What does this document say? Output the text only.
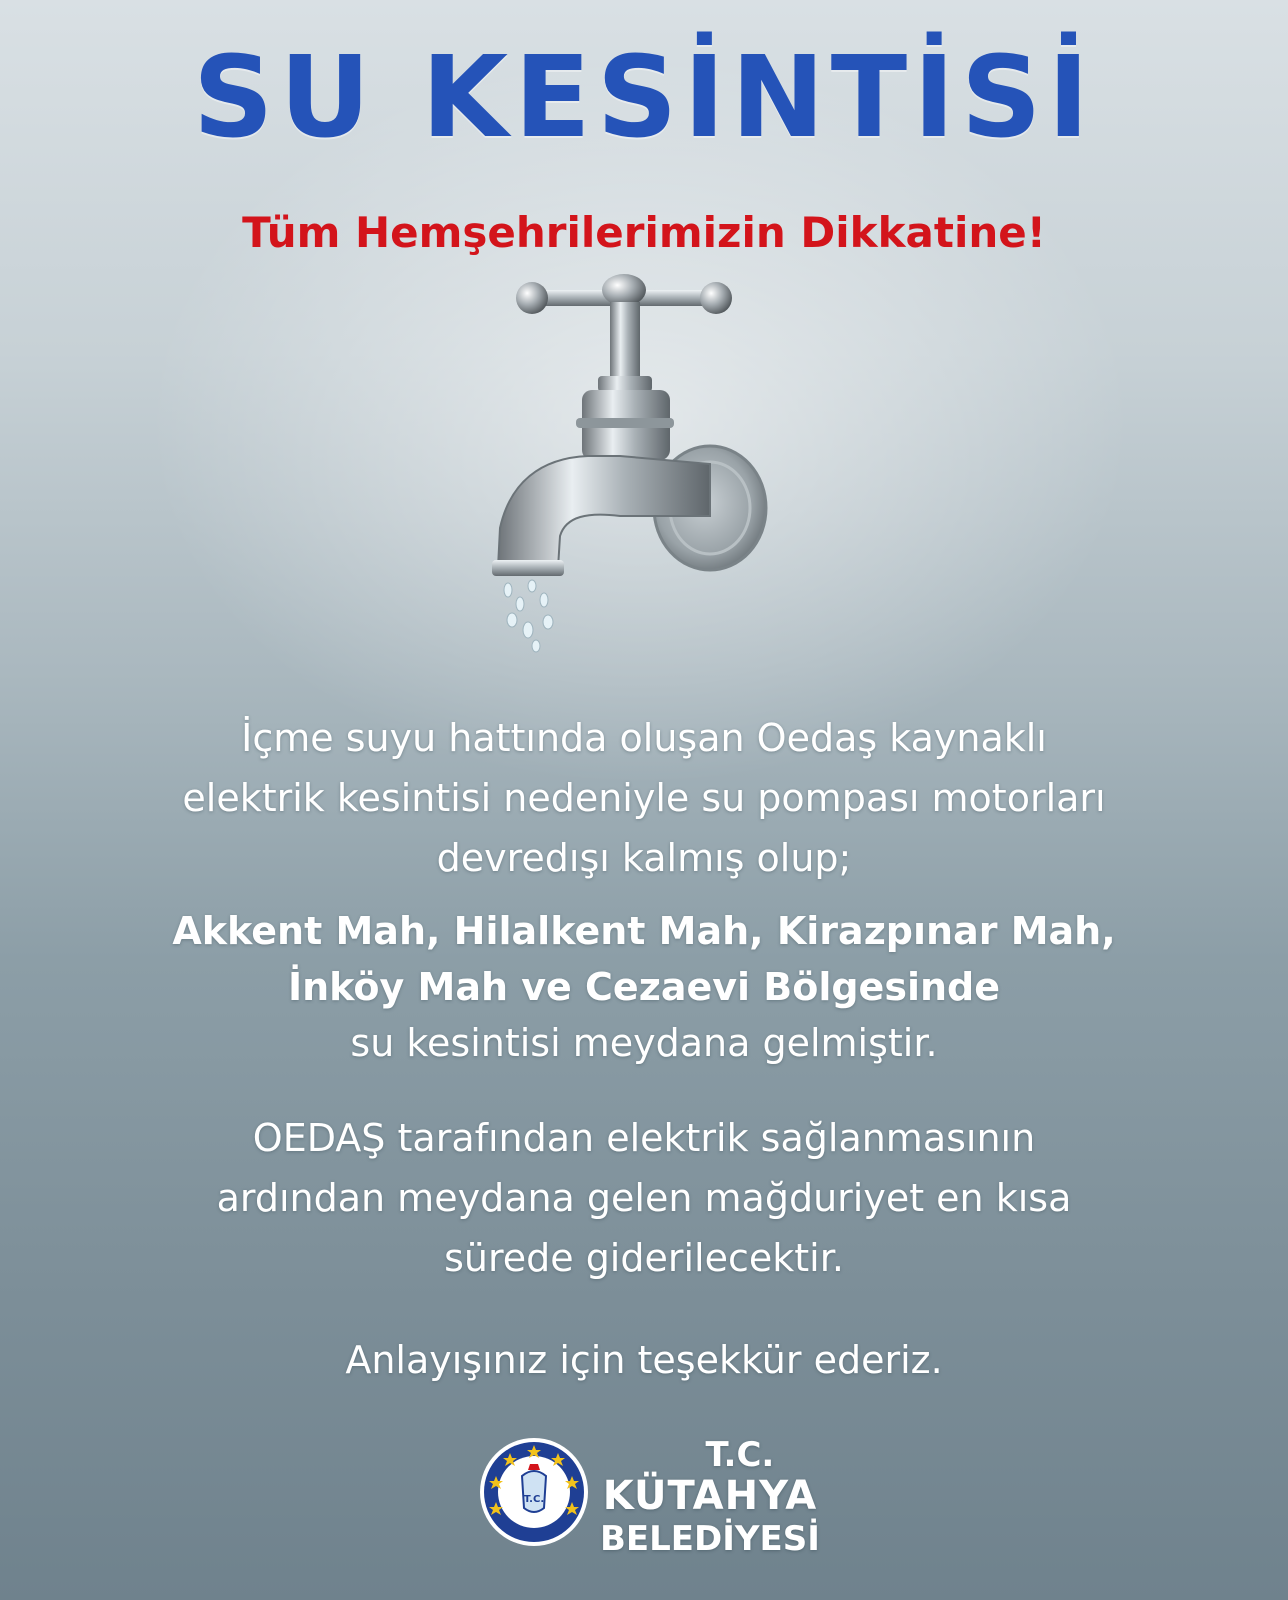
SU KESİNTİSİ
Tüm Hemşehrilerimizin Dikkatine!
İçme suyu hattında oluşan Oedaş kaynaklı
elektrik kesintisi nedeniyle su pompası motorları
devredışı kalmış olup;
Akkent Mah, Hilalkent Mah, Kirazpınar Mah,
İnköy Mah ve Cezaevi Bölgesinde
su kesintisi meydana gelmiştir.
OEDAŞ tarafından elektrik sağlanmasının
ardından meydana gelen mağduriyet en kısa
sürede giderilecektir.
Anlayışınız için teşekkür ederiz.
T.C.
T.C.
KÜTAHYA
BELEDİYESİ
